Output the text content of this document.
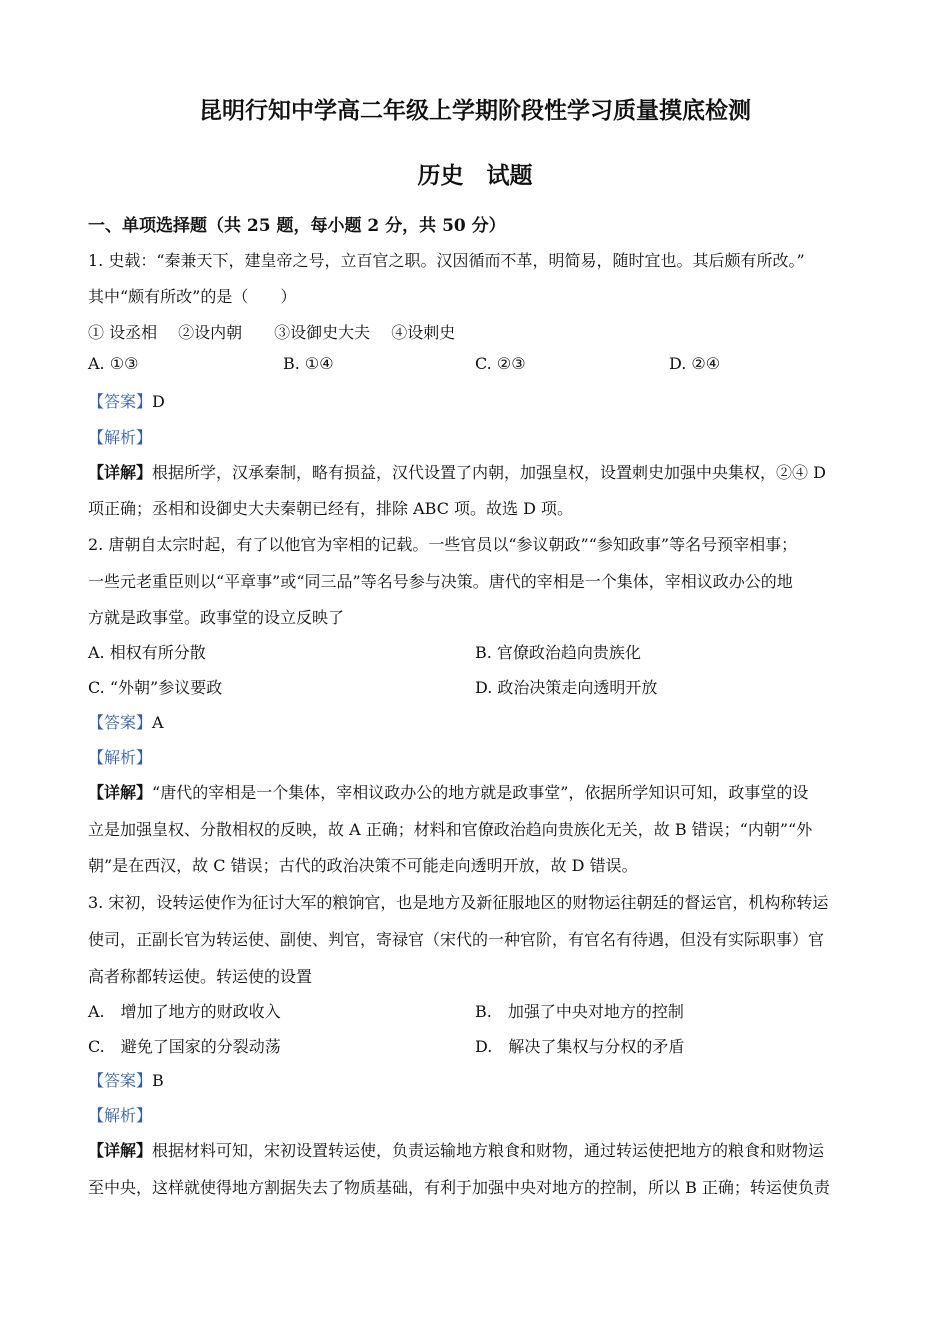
昆明行知中学高二年级上学期阶段性学习质量摸底检测
历史　试题
一、单项选择题（共 25 题，每小题 2 分，共 50 分）
1. 史载：“秦兼天下，建皇帝之号，立百官之职。汉因循而不革，明简易，随时宜也。其后颇有所改。”
其中“颇有所改”的是（　　）
① 设丞相　 ②设内朝　　③设御史大夫　 ④设刺史
A. ①③	B. ①④	C. ②③	D. ②④
【答案】D
【解析】
【详解】根据所学，汉承秦制，略有损益，汉代设置了内朝，加强皇权，设置刺史加强中央集权，②④ D
项正确；丞相和设御史大夫秦朝已经有，排除 ABC 项。故选 D 项。
2. 唐朝自太宗时起，有了以他官为宰相的记载。一些官员以“参议朝政”“参知政事”等名号预宰相事；
一些元老重臣则以“平章事”或“同三品”等名号参与决策。唐代的宰相是一个集体，宰相议政办公的地
方就是政事堂。政事堂的设立反映了
A. 相权有所分散	B. 官僚政治趋向贵族化
C. “外朝”参议要政	D. 政治决策走向透明开放
【答案】A
【解析】
【详解】“唐代的宰相是一个集体，宰相议政办公的地方就是政事堂”，依据所学知识可知，政事堂的设
立是加强皇权、分散相权的反映，故 A 正确；材料和官僚政治趋向贵族化无关，故 B 错误；“内朝”“外
朝”是在西汉，故 C 错误；古代的政治决策不可能走向透明开放，故 D 错误。
3. 宋初，设转运使作为征讨大军的粮饷官，也是地方及新征服地区的财物运往朝廷的督运官，机构称转运
使司，正副长官为转运使、副使、判官，寄禄官（宋代的一种官阶，有官名有待遇，但没有实际职事）官
高者称都转运使。转运使的设置
A.　增加了地方的财政收入	B.　加强了中央对地方的控制
C.　避免了国家的分裂动荡	D.　解决了集权与分权的矛盾
【答案】B
【解析】
【详解】根据材料可知，宋初设置转运使，负责运输地方粮食和财物，通过转运使把地方的粮食和财物运
至中央，这样就使得地方割据失去了物质基础，有利于加强中央对地方的控制，所以 B 正确；转运使负责
